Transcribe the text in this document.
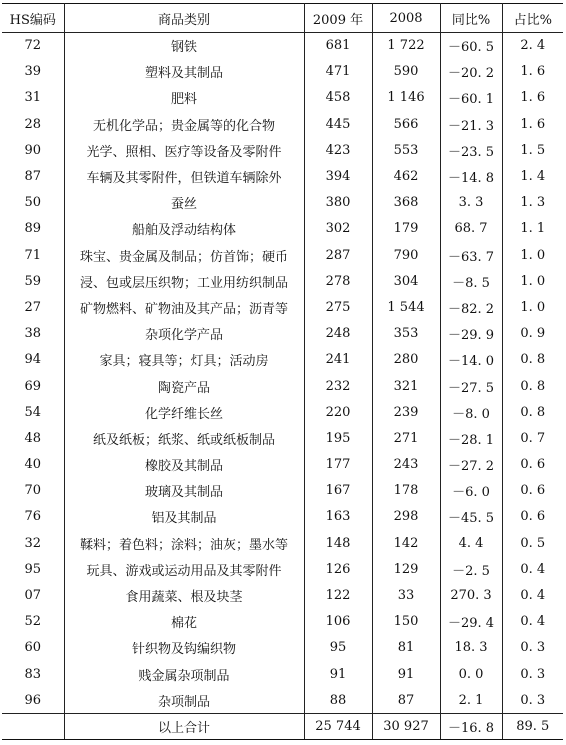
HS编码	商品类别	2009 年	2008	同比%	占比%
72	钢铁	681	1 722	－60. 5	2. 4
39	塑料及其制品	471	590	－20. 2	1. 6
31	肥料	458	1 146	－60. 1	1. 6
28	无机化学品；贵金属等的化合物	445	566	－21. 3	1. 6
90	光学、照相、医疗等设备及零附件	423	553	－23. 5	1. 5
87	车辆及其零附件，但铁道车辆除外	394	462	－14. 8	1. 4
50	蚕丝	380	368	3. 3	1. 3
89	船舶及浮动结构体	302	179	68. 7	1. 1
71	珠宝、贵金属及制品；仿首饰；硬币	287	790	－63. 7	1. 0
59	浸、包或层压织物；工业用纺织制品	278	304	－8. 5	1. 0
27	矿物燃料、矿物油及其产品；沥青等	275	1 544	－82. 2	1. 0
38	杂项化学产品	248	353	－29. 9	0. 9
94	家具；寝具等；灯具；活动房	241	280	－14. 0	0. 8
69	陶瓷产品	232	321	－27. 5	0. 8
54	化学纤维长丝	220	239	－8. 0	0. 8
48	纸及纸板；纸浆、纸或纸板制品	195	271	－28. 1	0. 7
40	橡胶及其制品	177	243	－27. 2	0. 6
70	玻璃及其制品	167	178	－6. 0	0. 6
76	铝及其制品	163	298	－45. 5	0. 6
32	鞣料；着色料；涂料；油灰；墨水等	148	142	4. 4	0. 5
95	玩具、游戏或运动用品及其零附件	126	129	－2. 5	0. 4
07	食用蔬菜、根及块茎	122	33	270. 3	0. 4
52	棉花	106	150	－29. 4	0. 4
60	针织物及钩编织物	95	81	18. 3	0. 3
83	贱金属杂项制品	91	91	0. 0	0. 3
96	杂项制品	88	87	2. 1	0. 3
	以上合计	25 744	30 927	－16. 8	89. 5
